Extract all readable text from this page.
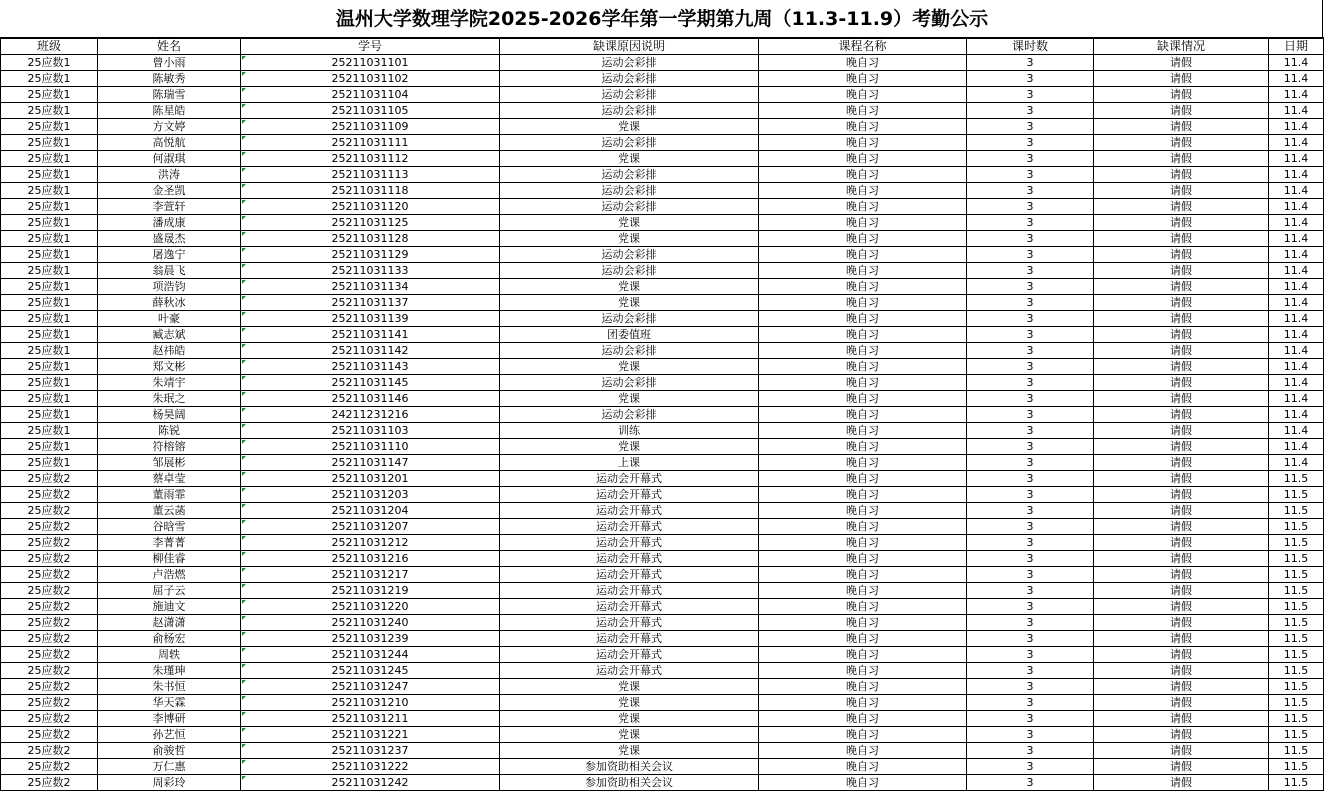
温州大学数理学院2025-2026学年第一学期第九周（11.3-11.9）考勤公示
班级	姓名	学号	缺课原因说明	课程名称	课时数	缺课情况	日期
25应数1	曾小雨	25211031101	运动会彩排	晚自习	3	请假	11.4
25应数1	陈敏秀	25211031102	运动会彩排	晚自习	3	请假	11.4
25应数1	陈瑞雪	25211031104	运动会彩排	晚自习	3	请假	11.4
25应数1	陈星皓	25211031105	运动会彩排	晚自习	3	请假	11.4
25应数1	方文婷	25211031109	党课	晚自习	3	请假	11.4
25应数1	高悦航	25211031111	运动会彩排	晚自习	3	请假	11.4
25应数1	何淑琪	25211031112	党课	晚自习	3	请假	11.4
25应数1	洪涛	25211031113	运动会彩排	晚自习	3	请假	11.4
25应数1	金圣凯	25211031118	运动会彩排	晚自习	3	请假	11.4
25应数1	李萱轩	25211031120	运动会彩排	晚自习	3	请假	11.4
25应数1	潘成康	25211031125	党课	晚自习	3	请假	11.4
25应数1	盛晟杰	25211031128	党课	晚自习	3	请假	11.4
25应数1	屠逸宁	25211031129	运动会彩排	晚自习	3	请假	11.4
25应数1	翁晨飞	25211031133	运动会彩排	晚自习	3	请假	11.4
25应数1	项浩钧	25211031134	党课	晚自习	3	请假	11.4
25应数1	薛秋冰	25211031137	党课	晚自习	3	请假	11.4
25应数1	叶豪	25211031139	运动会彩排	晚自习	3	请假	11.4
25应数1	臧志斌	25211031141	团委值班	晚自习	3	请假	11.4
25应数1	赵祎皓	25211031142	运动会彩排	晚自习	3	请假	11.4
25应数1	郑文彬	25211031143	党课	晚自习	3	请假	11.4
25应数1	朱靖宇	25211031145	运动会彩排	晚自习	3	请假	11.4
25应数1	朱珉之	25211031146	党课	晚自习	3	请假	11.4
25应数1	杨昊阔	24211231216	运动会彩排	晚自习	3	请假	11.4
25应数1	陈锐	25211031103	训练	晚自习	3	请假	11.4
25应数1	符榕镕	25211031110	党课	晚自习	3	请假	11.4
25应数1	邹展彬	25211031147	上课	晚自习	3	请假	11.4
25应数2	蔡卓莹	25211031201	运动会开幕式	晚自习	3	请假	11.5
25应数2	董雨霏	25211031203	运动会开幕式	晚自习	3	请假	11.5
25应数2	董云菡	25211031204	运动会开幕式	晚自习	3	请假	11.5
25应数2	谷晗雪	25211031207	运动会开幕式	晚自习	3	请假	11.5
25应数2	李菁菁	25211031212	运动会开幕式	晚自习	3	请假	11.5
25应数2	柳佳睿	25211031216	运动会开幕式	晚自习	3	请假	11.5
25应数2	卢浩燃	25211031217	运动会开幕式	晚自习	3	请假	11.5
25应数2	屈子云	25211031219	运动会开幕式	晚自习	3	请假	11.5
25应数2	施迪文	25211031220	运动会开幕式	晚自习	3	请假	11.5
25应数2	赵潇潇	25211031240	运动会开幕式	晚自习	3	请假	11.5
25应数2	俞杨宏	25211031239	运动会开幕式	晚自习	3	请假	11.5
25应数2	周轶	25211031244	运动会开幕式	晚自习	3	请假	11.5
25应数2	朱瑾珅	25211031245	运动会开幕式	晚自习	3	请假	11.5
25应数2	朱书恒	25211031247	党课	晚自习	3	请假	11.5
25应数2	华天霖	25211031210	党课	晚自习	3	请假	11.5
25应数2	李博研	25211031211	党课	晚自习	3	请假	11.5
25应数2	孙艺恒	25211031221	党课	晚自习	3	请假	11.5
25应数2	俞骏哲	25211031237	党课	晚自习	3	请假	11.5
25应数2	万仁惠	25211031222	参加资助相关会议	晚自习	3	请假	11.5
25应数2	周彩玲	25211031242	参加资助相关会议	晚自习	3	请假	11.5
